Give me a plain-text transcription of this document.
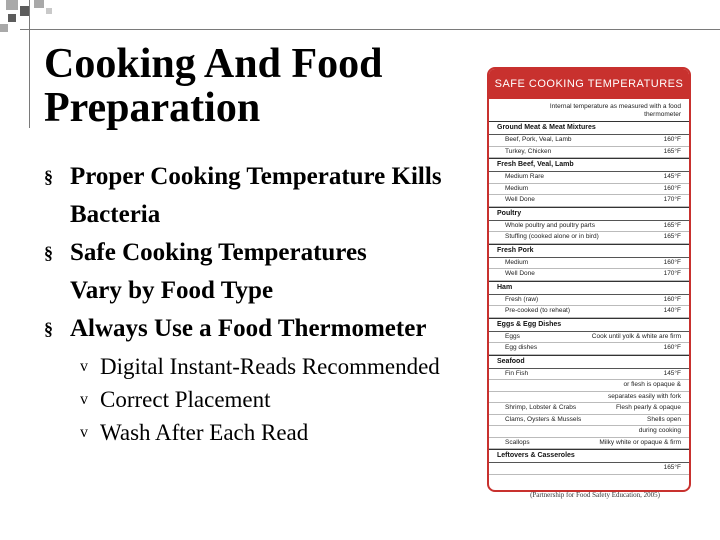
Cooking And Food
Preparation
§ Proper Cooking Temperature Kills
Bacteria
§ Safe Cooking Temperatures
Vary by Food Type
§ Always Use a Food Thermometer
v Digital Instant-Reads Recommended
v Correct Placement
v Wash After Each Read
SAFE COOKING TEMPERATURES
Internal temperature as measured with a food thermometer
Ground Meat & Meat Mixtures
Beef, Pork, Veal, Lamb	160°F
Turkey, Chicken	165°F
Fresh Beef, Veal, Lamb
Medium Rare	145°F
Medium	160°F
Well Done	170°F
Poultry
Whole poultry and poultry parts	165°F
Stuffing (cooked alone or in bird)	165°F
Fresh Pork
Medium	160°F
Well Done	170°F
Ham
Fresh (raw)	160°F
Pre-cooked (to reheat)	140°F
Eggs & Egg Dishes
Eggs	Cook until yolk & white are firm
Egg dishes	160°F
Seafood
Fin Fish	145°F
or flesh is opaque &
separates easily with fork
Shrimp, Lobster & Crabs	Flesh pearly & opaque
Clams, Oysters & Mussels	Shells open
during cooking
Scallops	Milky white or opaque & firm
Leftovers & Casseroles
165°F
(Partnership for Food Safety Education, 2005)
